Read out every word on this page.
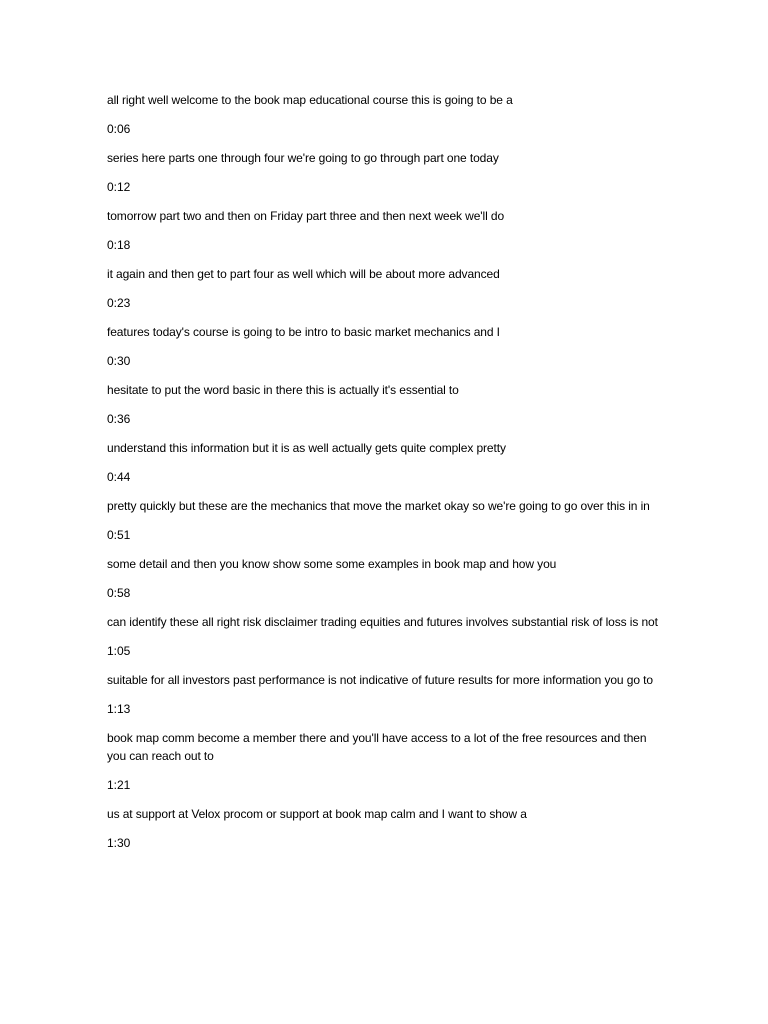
all right well welcome to the book map educational course this is going to be a
0:06
series here parts one through four we're going to go through part one today
0:12
tomorrow part two and then on Friday part three and then next week we'll do
0:18
it again and then get to part four as well which will be about more advanced
0:23
features today's course is going to be intro to basic market mechanics and I
0:30
hesitate to put the word basic in there this is actually it's essential to
0:36
understand this information but it is as well actually gets quite complex pretty
0:44
pretty quickly but these are the mechanics that move the market okay so we're going to go over this in in
0:51
some detail and then you know show some some examples in book map and how you
0:58
can identify these all right risk disclaimer trading equities and futures involves substantial risk of loss is not
1:05
suitable for all investors past performance is not indicative of future results for more information you go to
1:13
book map comm become a member there and you'll have access to a lot of the free resources and then you can reach out to
1:21
us at support at Velox procom or support at book map calm and I want to show a
1:30
